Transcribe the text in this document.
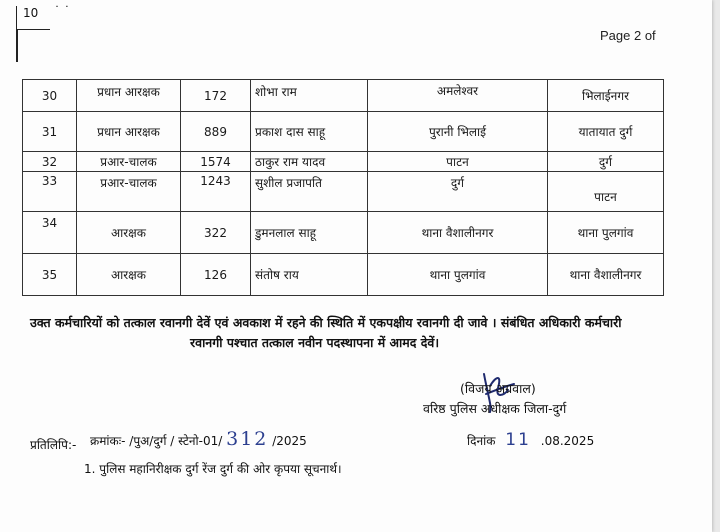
10	˙ ˙
Page 2 of
30	प्रधान आरक्षक	172	शोभा राम	अमलेश्वर	भिलाईनगर
31	प्रधान आरक्षक	889	प्रकाश दास साहू	पुरानी भिलाई	यातायात दुर्ग
32	प्रआर-चालक	1574	ठाकुर राम यादव	पाटन	दुर्ग
33	प्रआर-चालक	1243	सुशील प्रजापति	दुर्ग	पाटन
34	आरक्षक	322	डुमनलाल साहू	थाना वैशालीनगर	थाना पुलगांव
35	आरक्षक	126	संतोष राय	थाना पुलगांव	थाना वैशालीनगर
उक्त कर्मचारियों को तत्काल रवानगी देवें एवं अवकाश में रहने की स्थिति में एकपक्षीय रवानगी दी जावे । संबंधित अधिकारी कर्मचारी
रवानगी पश्चात तत्काल नवीन पदस्थापना में आमद देवें।
(विजय अग्रवाल)
वरिष्ठ पुलिस अधीक्षक जिला-दुर्ग
क्रमांकः- /पुअ/दुर्ग / स्टेनो-01/ 312 /2025	दिनांक 11 .08.2025
प्रतिलिपि:-
1. पुलिस महानिरीक्षक दुर्ग रेंज दुर्ग की ओर कृपया सूचनार्थ।
